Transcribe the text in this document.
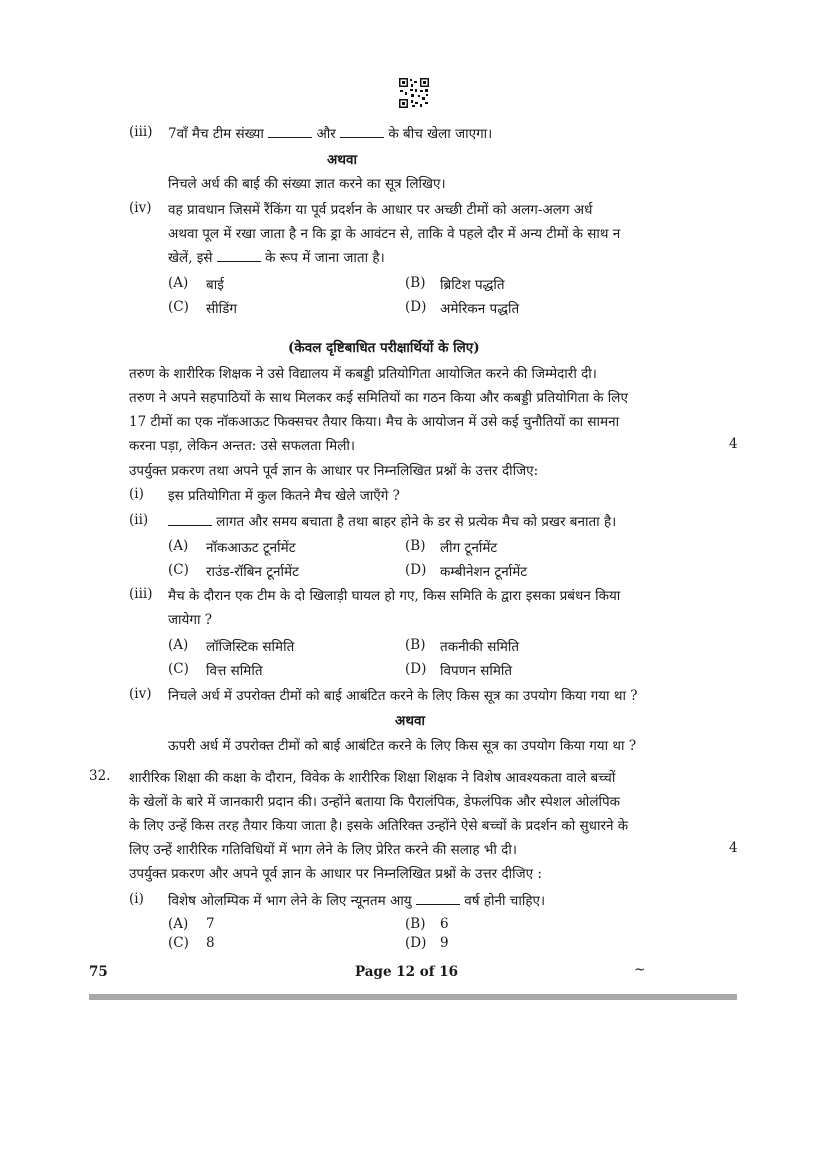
(iii) 7वाँ मैच टीम संख्या	और	के बीच खेला जाएगा।
अथवा
निचले अर्ध की बाई की संख्या ज्ञात करने का सूत्र लिखिए।
(iv) वह प्रावधान जिसमें रैंकिंग या पूर्व प्रदर्शन के आधार पर अच्छी टीमों को अलग-अलग अर्ध
अथवा पूल में रखा जाता है न कि ड्रा के आवंटन से, ताकि वे पहले दौर में अन्य टीमों के साथ न
खेलें, इसे	के रूप में जाना जाता है।
(A) बाई	(B) ब्रिटिश पद्धति
(C) सीडिंग	(D) अमेरिकन पद्धति
(केवल दृष्टिबाधित परीक्षार्थियों के लिए)
तरुण के शारीरिक शिक्षक ने उसे विद्यालय में कबड्डी प्रतियोगिता आयोजित करने की जिम्मेदारी दी।
तरुण ने अपने सहपाठियों के साथ मिलकर कई समितियों का गठन किया और कबड्डी प्रतियोगिता के लिए
17 टीमों का एक नॉकआऊट फिक्सचर तैयार किया। मैच के आयोजन में उसे कई चुनौतियों का सामना
करना पड़ा, लेकिन अन्तत: उसे सफलता मिली।	4
उपर्युक्त प्रकरण तथा अपने पूर्व ज्ञान के आधार पर निम्नलिखित प्रश्नों के उत्तर दीजिए:
(i) इस प्रतियोगिता में कुल कितने मैच खेले जाएँगे ?
(ii)	लागत और समय बचाता है तथा बाहर होने के डर से प्रत्येक मैच को प्रखर बनाता है।
(A) नॉकआऊट टूर्नामेंट	(B) लीग टूर्नामेंट
(C) राउंड-रॉबिन टूर्नामेंट	(D) कम्बीनेशन टूर्नामेंट
(iii) मैच के दौरान एक टीम के दो खिलाड़ी घायल हो गए, किस समिति के द्वारा इसका प्रबंधन किया
जायेगा ?
(A) लॉजिस्टिक समिति	(B) तकनीकी समिति
(C) वित्त समिति	(D) विपणन समिति
(iv) निचले अर्ध में उपरोक्त टीमों को बाई आबंटित करने के लिए किस सूत्र का उपयोग किया गया था ?
अथवा
ऊपरी अर्ध में उपरोक्त टीमों को बाई आबंटित करने के लिए किस सूत्र का उपयोग किया गया था ?
32. शारीरिक शिक्षा की कक्षा के दौरान, विवेक के शारीरिक शिक्षा शिक्षक ने विशेष आवश्यकता वाले बच्चों
के खेलों के बारे में जानकारी प्रदान की। उन्होंने बताया कि पैरालंपिक, डेफलंपिक और स्पेशल ओलंपिक
के लिए उन्हें किस तरह तैयार किया जाता है। इसके अतिरिक्त उन्होंने ऐसे बच्चों के प्रदर्शन को सुधारने के
लिए उन्हें शारीरिक गतिविधियों में भाग लेने के लिए प्रेरित करने की सलाह भी दी।	4
उपर्युक्त प्रकरण और अपने पूर्व ज्ञान के आधार पर निम्नलिखित प्रश्नों के उत्तर दीजिए :
(i) विशेष ओलम्पिक में भाग लेने के लिए न्यूनतम आयु	वर्ष होनी चाहिए।
(A) 7	(B) 6
(C) 8	(D) 9
75	Page 12 of 16	~
